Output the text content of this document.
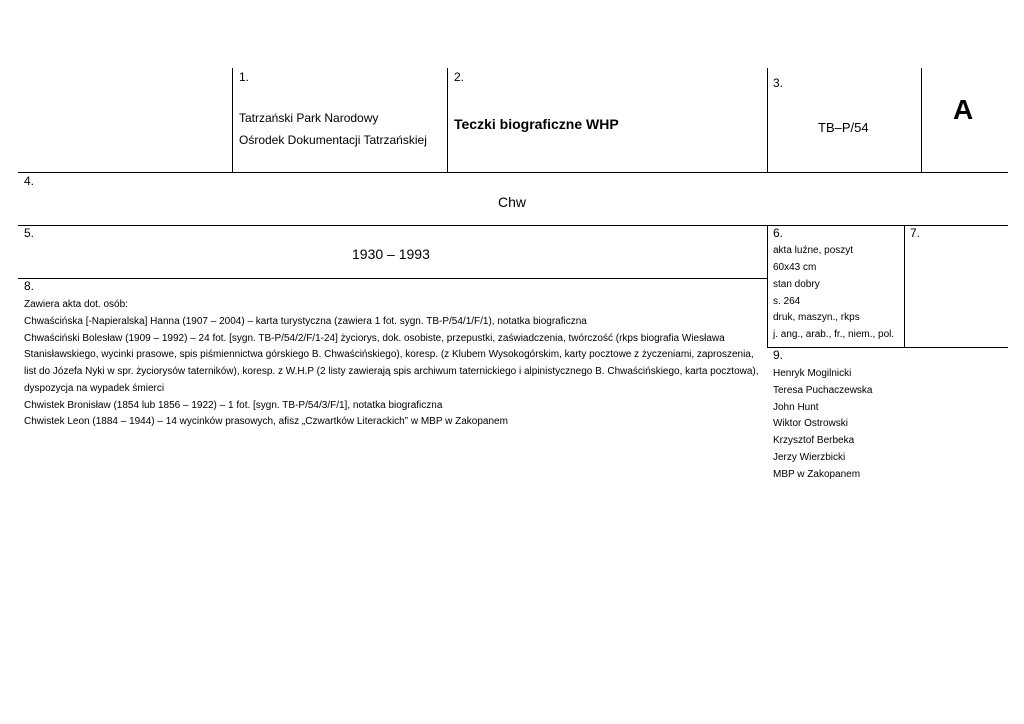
1.
Tatrzański Park Narodowy
Ośrodek Dokumentacji Tatrzańskiej
2.
Teczki biograficzne WHP
3.
TB–P/54
A
4.
Chw
5.
1930 – 1993
6.
akta luźne, poszyt
60x43 cm
stan dobry
s. 264
druk, maszyn., rkps
j. ang., arab., fr., niem., pol.
7.
8.
Zawiera akta dot. osób:
Chwaścińska [-Napieralska] Hanna (1907 – 2004) – karta turystyczna (zawiera 1 fot. sygn. TB-P/54/1/F/1), notatka biograficzna
Chwaściński Bolesław (1909 – 1992) – 24 fot. [sygn. TB-P/54/2/F/1-24] życiorys, dok. osobiste, przepustki, zaświadczenia, twórczość (rkps biografia Wiesława
Stanisławskiego, wycinki prasowe, spis piśmiennictwa górskiego B. Chwaścińskiego), koresp. (z Klubem Wysokogórskim, karty pocztowe z życzeniami, zaproszenia,
list do Józefa Nyki w spr. życiorysów taterników), koresp. z W.H.P (2 listy zawierają spis archiwum taternickiego i alpinistycznego B. Chwaścińskiego, karta pocztowa),
dyspozycja na wypadek śmierci
Chwistek Bronisław (1854 lub 1856 – 1922) – 1 fot. [sygn. TB-P/54/3/F/1], notatka biograficzna
Chwistek Leon (1884 – 1944) – 14 wycinków prasowych, afisz „Czwartków Literackich” w MBP w Zakopanem
9.
Henryk Mogilnicki
Teresa Puchaczewska
John Hunt
Wiktor Ostrowski
Krzysztof Berbeka
Jerzy Wierzbicki
MBP w Zakopanem
